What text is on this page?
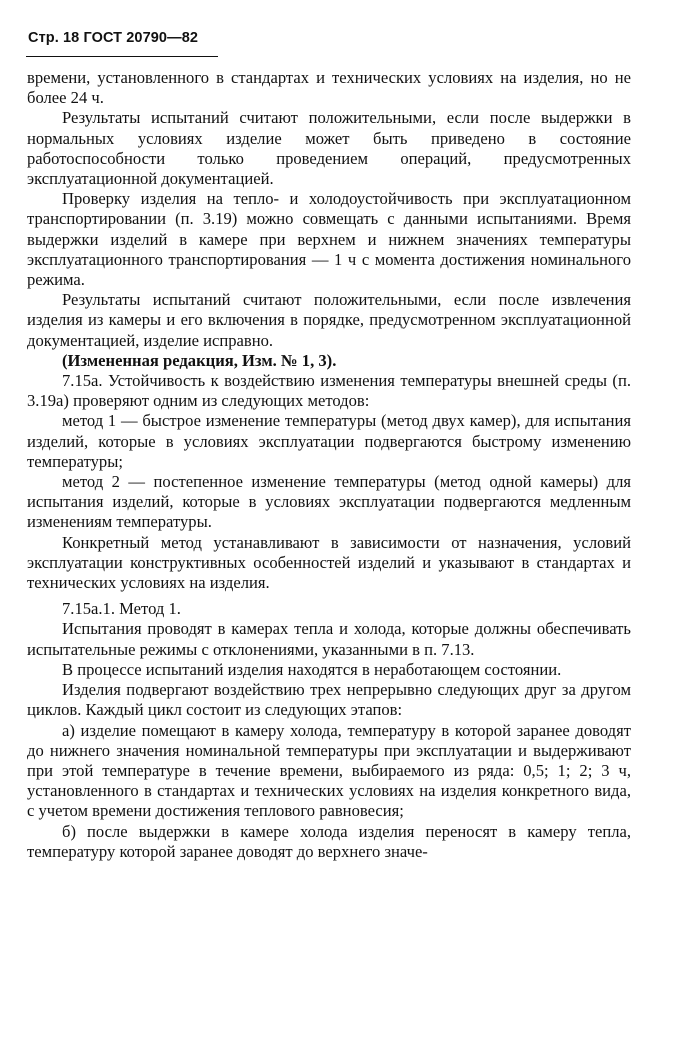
Стр. 18 ГОСТ 20790—82

времени, установленного в стандартах и технических условиях на изделия, но не более 24 ч.

Результаты испытаний считают положительными, если после выдержки в нормальных условиях изделие может быть приведено в состояние работоспособности только проведением операций, предусмотренных эксплуатационной документацией.

Проверку изделия на тепло- и холодоустойчивость при эксплуатационном транспортировании (п. 3.19) можно совмещать с данными испытаниями. Время выдержки изделий в камере при верхнем и нижнем значениях температуры эксплуатационного транспортирования — 1 ч с момента достижения номинального режима.

Результаты испытаний считают положительными, если после извлечения изделия из камеры и его включения в порядке, предусмотренном эксплуатационной документацией, изделие исправно.

(Измененная редакция, Изм. № 1, 3).

7.15а. Устойчивость к воздействию изменения температуры внешней среды (п. 3.19а) проверяют одним из следующих методов:

метод 1 — быстрое изменение температуры (метод двух камер), для испытания изделий, которые в условиях эксплуатации подвергаются быстрому изменению температуры;

метод 2 — постепенное изменение температуры (метод одной камеры) для испытания изделий, которые в условиях эксплуатации подвергаются медленным изменениям температуры.

Конкретный метод устанавливают в зависимости от назначения, условий эксплуатации конструктивных особенностей изделий и указывают в стандартах и технических условиях на изделия.

7.15а.1. Метод 1.

Испытания проводят в камерах тепла и холода, которые должны обеспечивать испытательные режимы с отклонениями, указанными в п. 7.13.

В процессе испытаний изделия находятся в неработающем состоянии.

Изделия подвергают воздействию трех непрерывно следующих друг за другом циклов. Каждый цикл состоит из следующих этапов:

а) изделие помещают в камеру холода, температуру в которой заранее доводят до нижнего значения номинальной температуры при эксплуатации и выдерживают при этой температуре в течение времени, выбираемого из ряда: 0,5; 1; 2; 3 ч, установленного в стандартах и технических условиях на изделия конкретного вида, с учетом времени достижения теплового равновесия;

б) после выдержки в камере холода изделия переносят в камеру тепла, температуру которой заранее доводят до верхнего значе-
